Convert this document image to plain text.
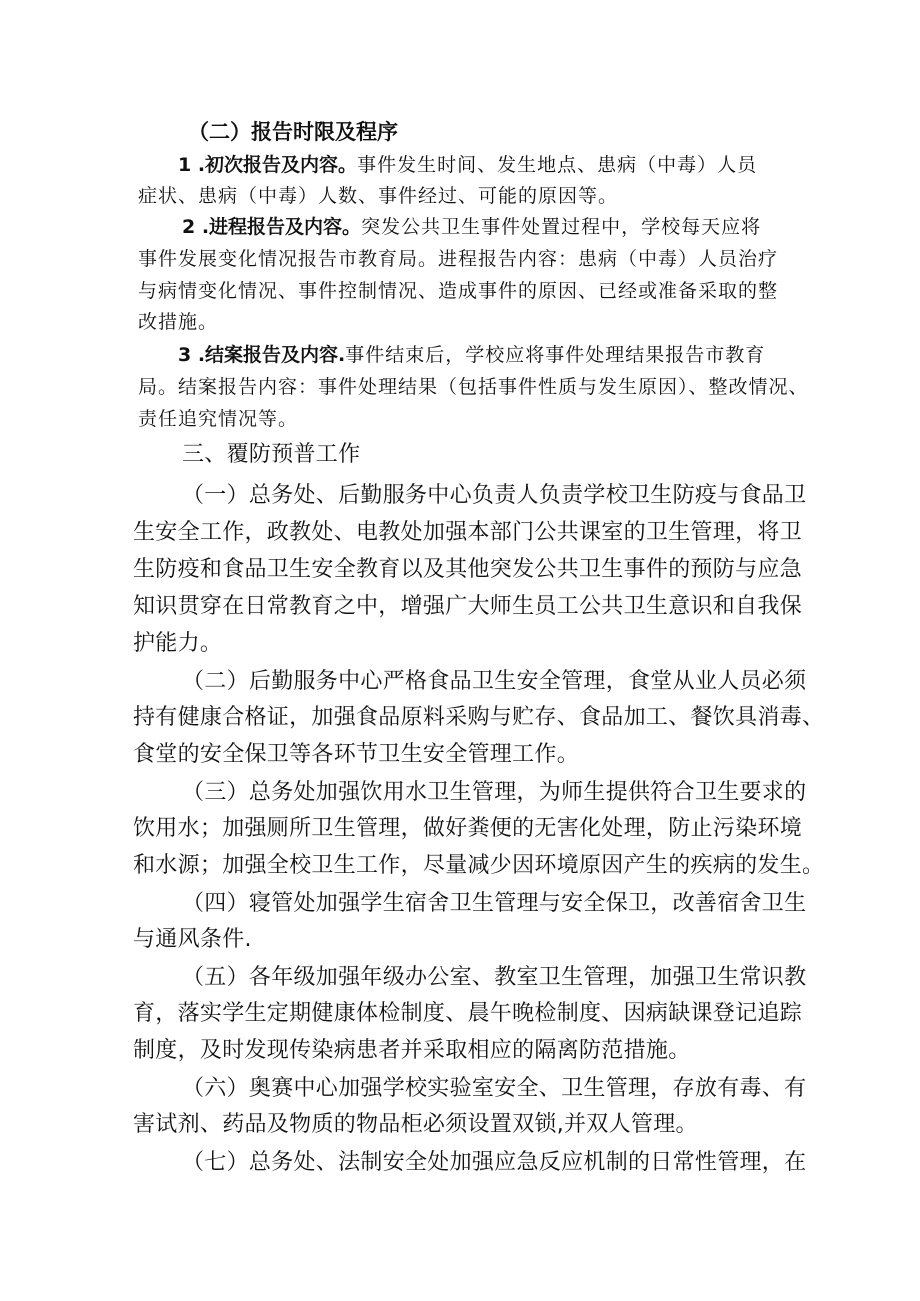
（二）报告时限及程序

1 .初次报告及内容。事件发生时间、发生地点、患病（中毒）人员

症状、患病（中毒）人数、事件经过、可能的原因等。

2 .进程报告及内容。突发公共卫生事件处置过程中，学校每天应将

事件发展变化情况报告市教育局。进程报告内容：患病（中毒）人员治疗

与病情变化情况、事件控制情况、造成事件的原因、已经或准备采取的整

改措施。

3 .结案报告及内容.事件结束后，学校应将事件处理结果报告市教育

局。结案报告内容：事件处理结果（包括事件性质与发生原因）、整改情况、

责任追究情况等。

三、覆防预普工作

（一）总务处、后勤服务中心负责人负责学校卫生防疫与食品卫

生安全工作，政教处、电教处加强本部门公共课室的卫生管理，将卫

生防疫和食品卫生安全教育以及其他突发公共卫生事件的预防与应急

知识贯穿在日常教育之中，增强广大师生员工公共卫生意识和自我保

护能力。

（二）后勤服务中心严格食品卫生安全管理，食堂从业人员必须

持有健康合格证，加强食品原料采购与贮存、食品加工、餐饮具消毒、

食堂的安全保卫等各环节卫生安全管理工作。

（三）总务处加强饮用水卫生管理，为师生提供符合卫生要求的

饮用水；加强厕所卫生管理，做好粪便的无害化处理，防止污染环境

和水源；加强全校卫生工作，尽量减少因环境原因产生的疾病的发生。

（四）寝管处加强学生宿舍卫生管理与安全保卫，改善宿舍卫生

与通风条件.

（五）各年级加强年级办公室、教室卫生管理，加强卫生常识教

育，落实学生定期健康体检制度、晨午晚检制度、因病缺课登记追踪

制度，及时发现传染病患者并采取相应的隔离防范措施。

（六）奥赛中心加强学校实验室安全、卫生管理，存放有毒、有

害试剂、药品及物质的物品柜必须设置双锁,并双人管理。

（七）总务处、法制安全处加强应急反应机制的日常性管理，在
